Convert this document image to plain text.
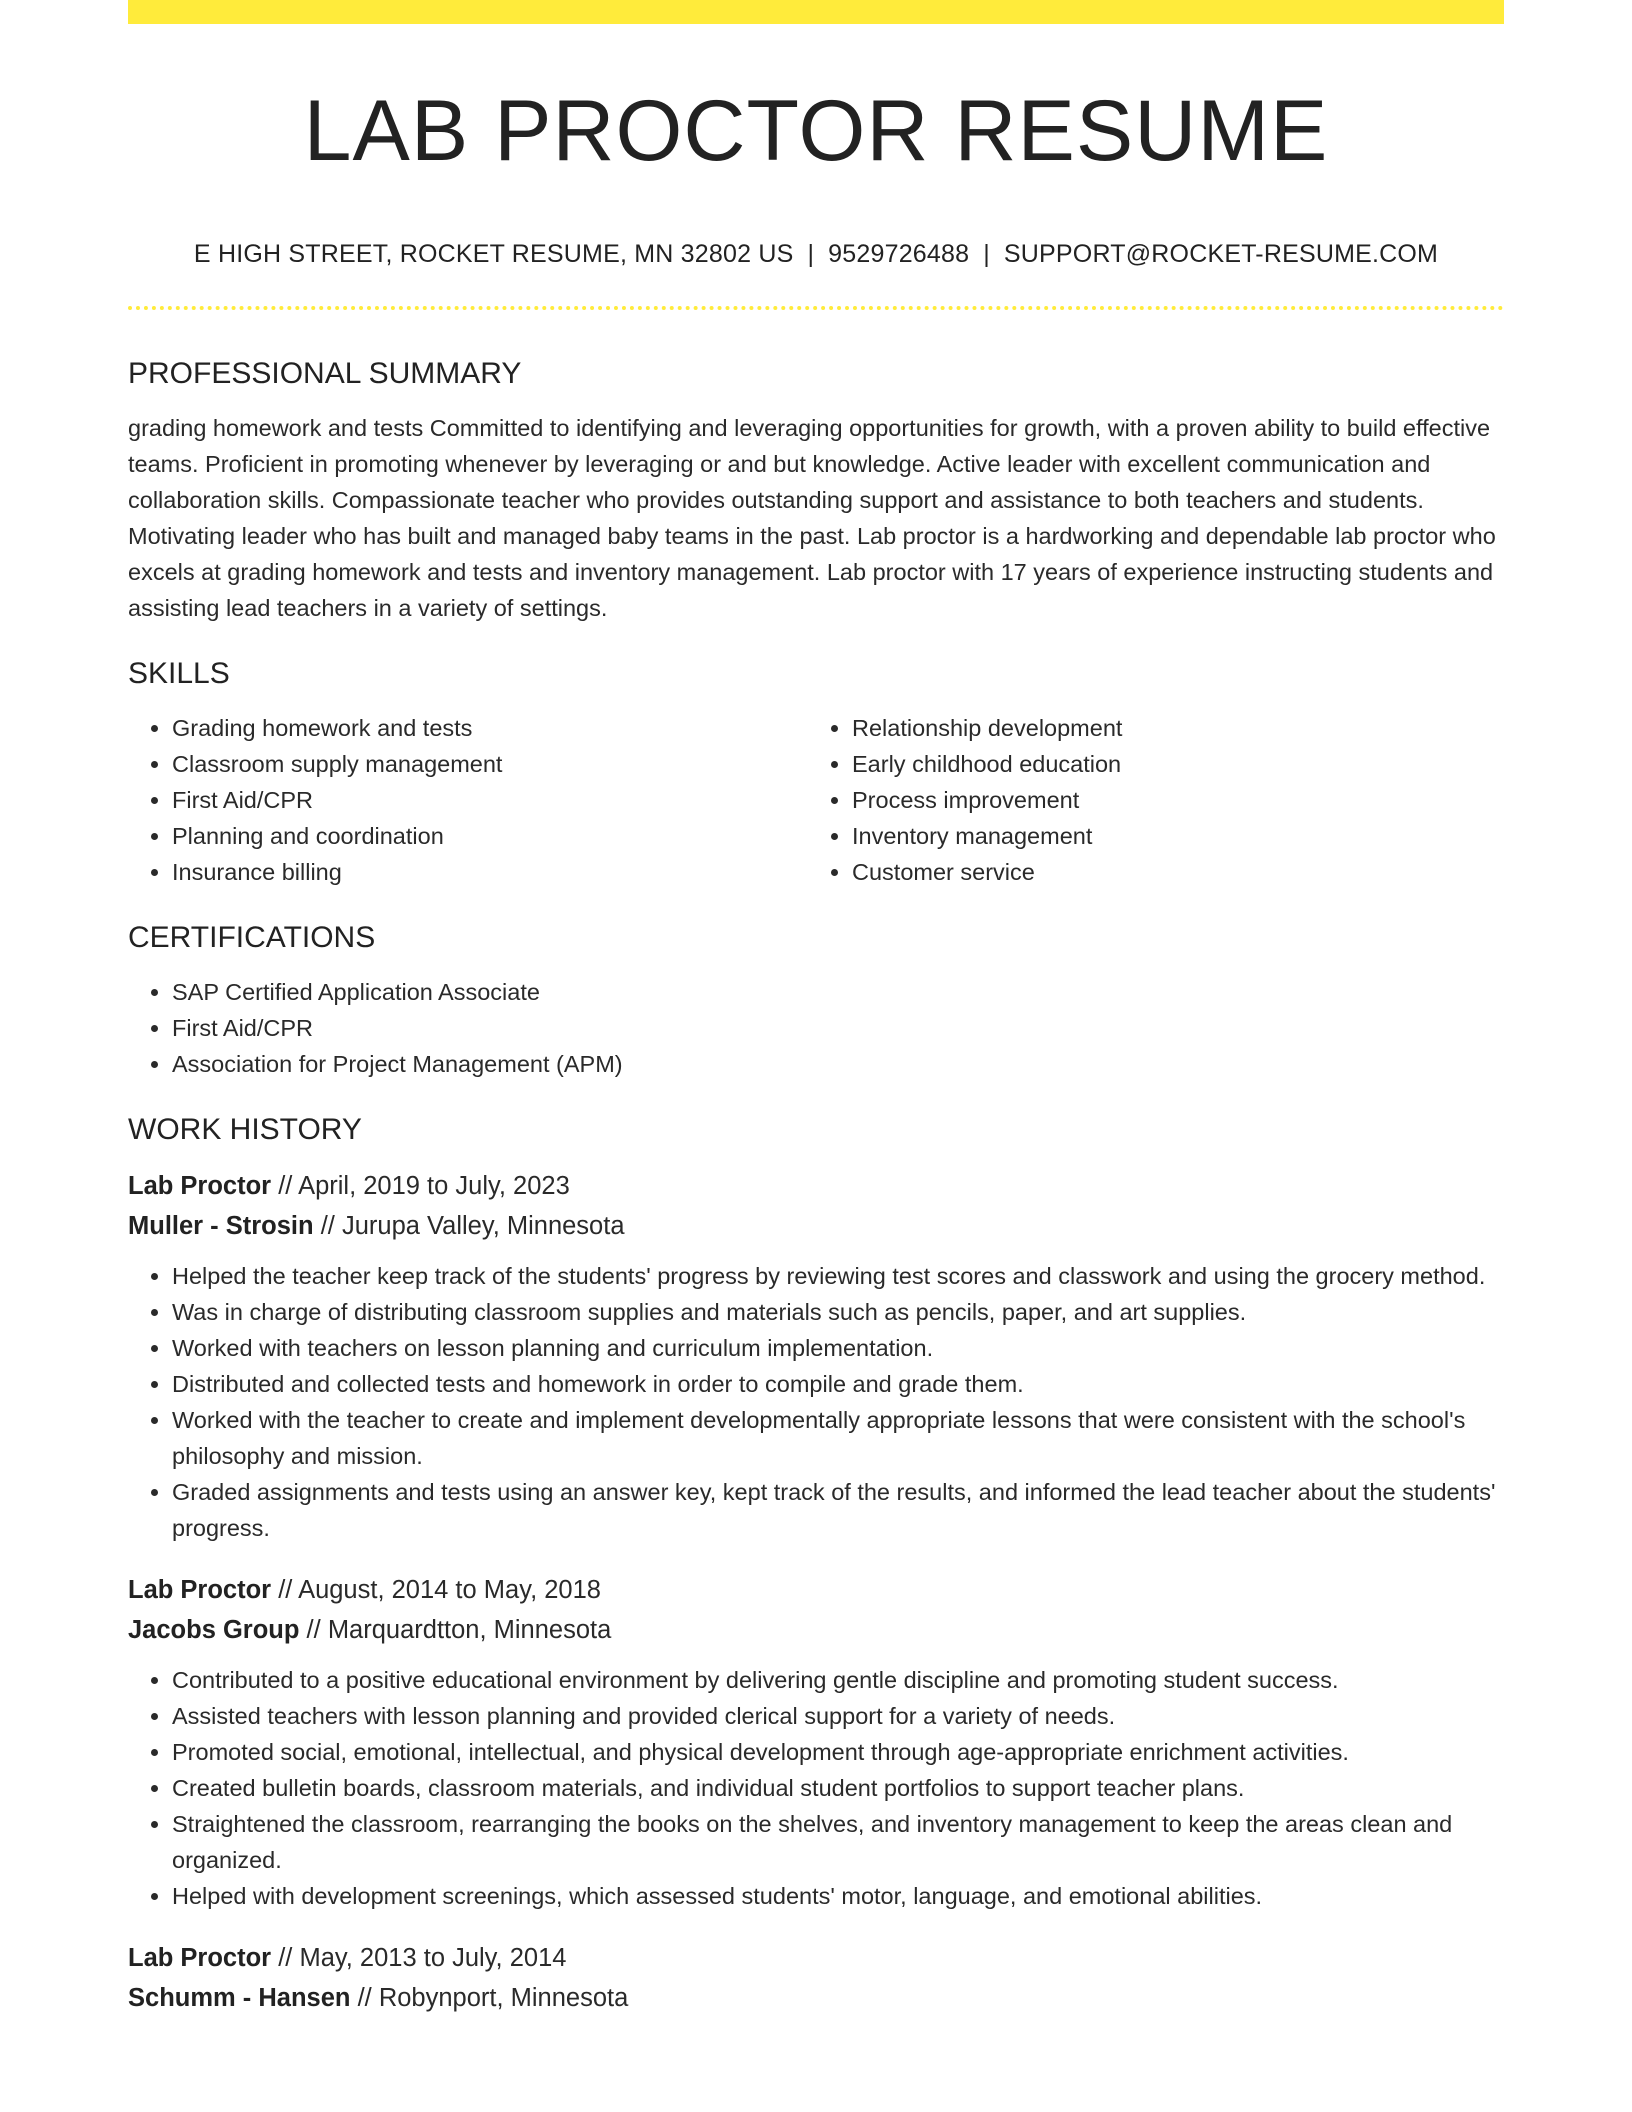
LAB PROCTOR RESUME
E HIGH STREET, ROCKET RESUME, MN 32802 US | 9529726488 | SUPPORT@ROCKET-RESUME.COM
PROFESSIONAL SUMMARY

grading homework and tests Committed to identifying and leveraging opportunities for growth, with a proven ability to build effective teams. Proficient in promoting whenever by leveraging or and but knowledge. Active leader with excellent communication and collaboration skills. Compassionate teacher who provides outstanding support and assistance to both teachers and students. Motivating leader who has built and managed baby teams in the past. Lab proctor is a hardworking and dependable lab proctor who excels at grading homework and tests and inventory management. Lab proctor with 17 years of experience instructing students and assisting lead teachers in a variety of settings.

SKILLS
• Grading homework and tests
• Classroom supply management
• First Aid/CPR
• Planning and coordination
• Insurance billing
• Relationship development
• Early childhood education
• Process improvement
• Inventory management
• Customer service
CERTIFICATIONS
• SAP Certified Application Associate
• First Aid/CPR
• Association for Project Management (APM)
WORK HISTORY
Lab Proctor // April, 2019 to July, 2023
Muller - Strosin // Jurupa Valley, Minnesota
• Helped the teacher keep track of the students' progress by reviewing test scores and classwork and using the grocery method.
• Was in charge of distributing classroom supplies and materials such as pencils, paper, and art supplies.
• Worked with teachers on lesson planning and curriculum implementation.
• Distributed and collected tests and homework in order to compile and grade them.
• Worked with the teacher to create and implement developmentally appropriate lessons that were consistent with the school's philosophy and mission.
• Graded assignments and tests using an answer key, kept track of the results, and informed the lead teacher about the students' progress.
Lab Proctor // August, 2014 to May, 2018
Jacobs Group // Marquardtton, Minnesota
• Contributed to a positive educational environment by delivering gentle discipline and promoting student success.
• Assisted teachers with lesson planning and provided clerical support for a variety of needs.
• Promoted social, emotional, intellectual, and physical development through age-appropriate enrichment activities.
• Created bulletin boards, classroom materials, and individual student portfolios to support teacher plans.
• Straightened the classroom, rearranging the books on the shelves, and inventory management to keep the areas clean and organized.
• Helped with development screenings, which assessed students' motor, language, and emotional abilities.
Lab Proctor // May, 2013 to July, 2014
Schumm - Hansen // Robynport, Minnesota
